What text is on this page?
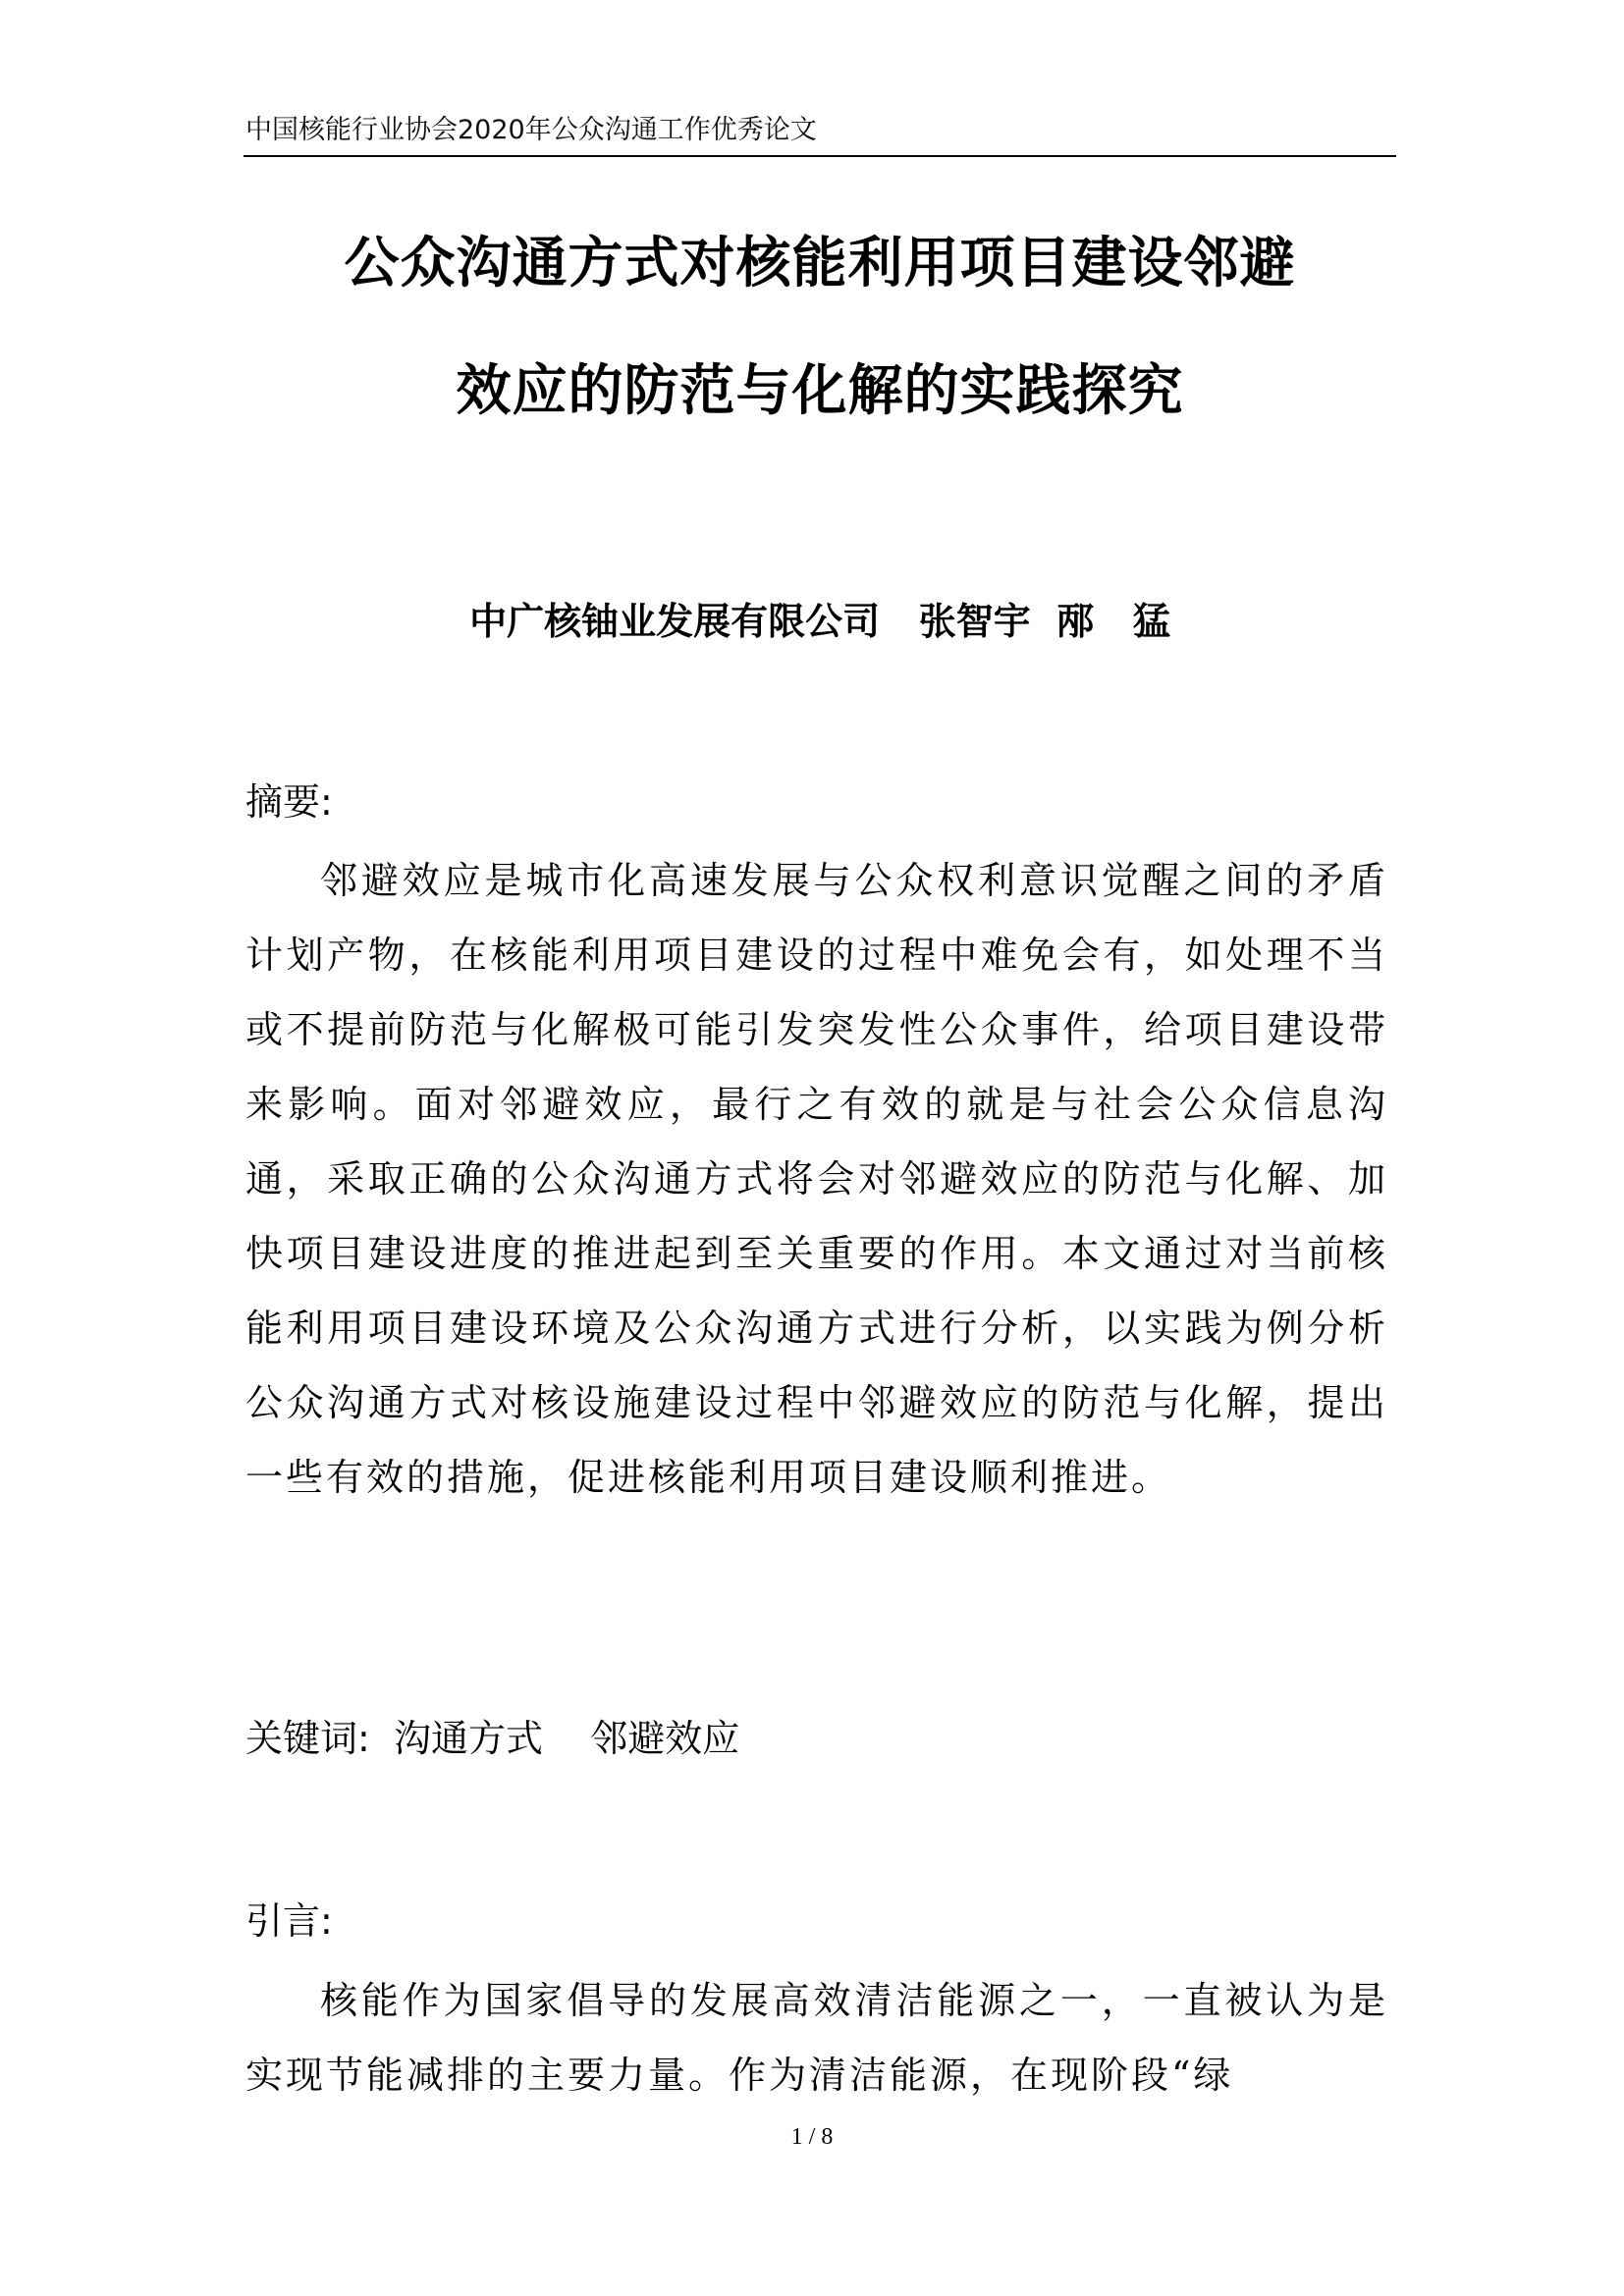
中国核能行业协会2020年公众沟通工作优秀论文
公众沟通方式对核能利用项目建设邻避
效应的防范与化解的实践探究
中广核铀业发展有限公司   张智宇  邴   猛
摘要:

邻避效应是城市化高速发展与公众权利意识觉醒之间的矛盾计划产物，在核能利用项目建设的过程中难免会有，如处理不当或不提前防范与化解极可能引发突发性公众事件，给项目建设带来影响。面对邻避效应，最行之有效的就是与社会公众信息沟通，采取正确的公众沟通方式将会对邻避效应的防范与化解、加快项目建设进度的推进起到至关重要的作用。本文通过对当前核能利用项目建设环境及公众沟通方式进行分析，以实践为例分析公众沟通方式对核设施建设过程中邻避效应的防范与化解，提出一些有效的措施，促进核能利用项目建设顺利推进。

关键词:  沟通方式    邻避效应
引言:

核能作为国家倡导的发展高效清洁能源之一，一直被认为是实现节能减排的主要力量。作为清洁能源，在现阶段“绿

1 / 8
